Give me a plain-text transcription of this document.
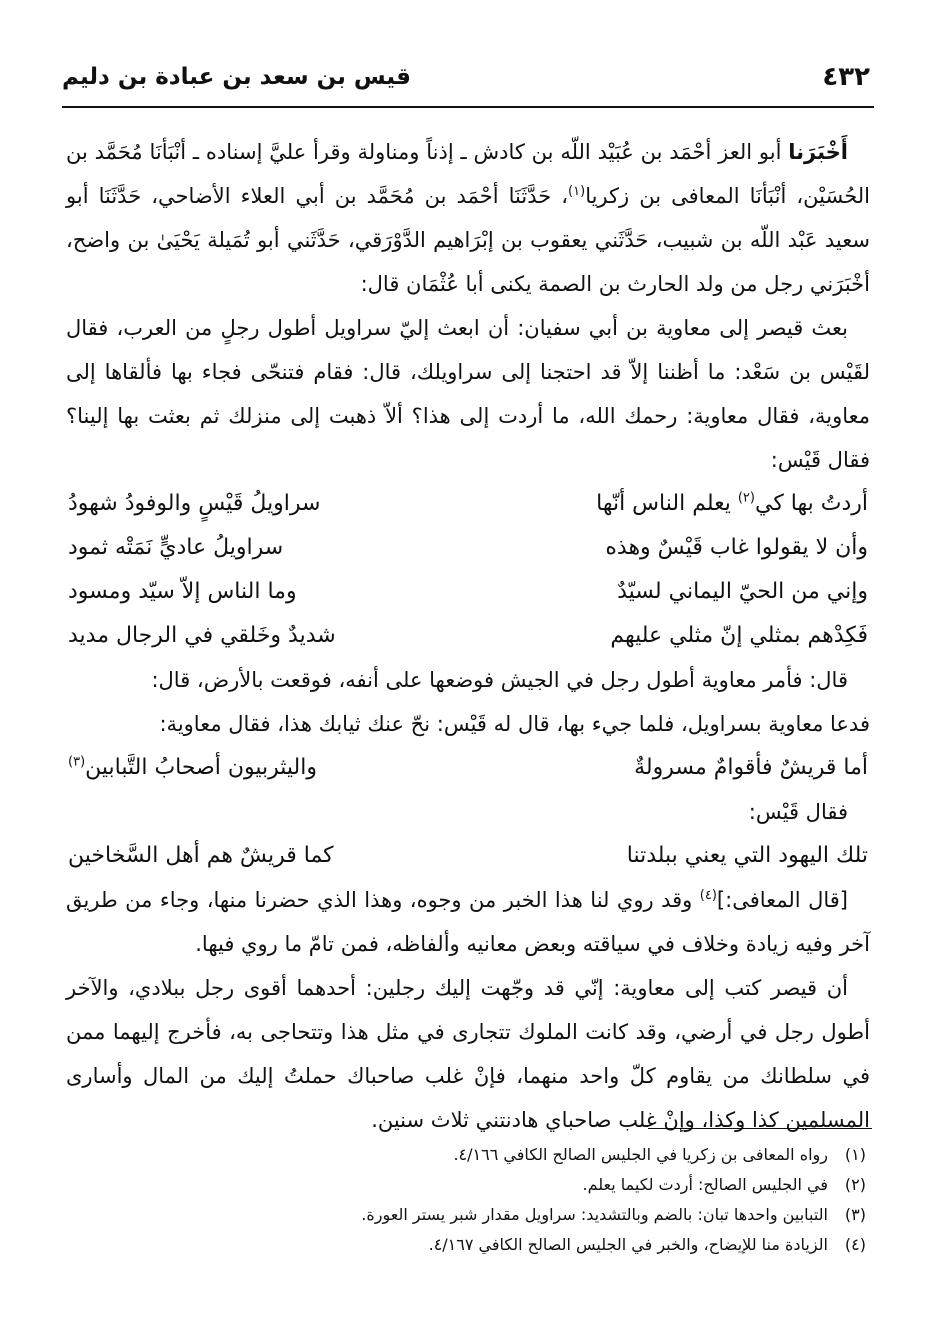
٤٣٢
قيس بن سعد بن عبادة بن دليم

أَخْبَرَنا أبو العز أحْمَد بن عُبَيْد اللّه بن كادش ـ إذناً ومناولة وقرأ عليَّ إسناده ـ أنْبَأنَا مُحَمَّد بن الحُسَيْن، أنْبَأنَا المعافى بن زكريا$^{(١)}$، حَدَّثَنَا أحْمَد بن مُحَمَّد بن أبي العلاء الأضاحي، حَدَّثَنَا أبو سعيد عَبْد اللّه بن شبيب، حَدَّثَني يعقوب بن إبْرَاهيم الدَّوْرَقي، حَدَّثَني أبو تُمَيلة يَحْيَىٰ بن واضح، أخْبَرَني رجل من ولد الحارث بن الصمة يكنى أبا عُثْمَان قال:

بعث قيصر إلى معاوية بن أبي سفيان: أن ابعث إليّ سراويل أطول رجلٍ من العرب، فقال لقَيْس بن سَعْد: ما أظننا إلاّ قد احتجنا إلى سراويلك، قال: فقام فتنحّى فجاء بها فألقاها إلى معاوية، فقال معاوية: رحمك الله، ما أردت إلى هذا؟ ألاّ ذهبت إلى منزلك ثم بعثت بها إلينا؟ فقال قَيْس:

أردتُ بها كي$^{(٢)}$ يعلم الناس أنّها
سراويلُ قَيْسٍ والوفودُ شهودُ
وأن لا يقولوا غاب قَيْسٌ وهذه
سراويلُ عاديٍّ نَمَتْه ثمود
وإني من الحيّ اليماني لسيّدٌ
وما الناس إلاّ سيّد ومسود
فَكِدْهم بمثلي إنّ مثلي عليهم
شديدٌ وخَلقي في الرجال مديد

قال: فأمر معاوية أطول رجل في الجيش فوضعها على أنفه، فوقعت بالأرض، قال:

فدعا معاوية بسراويل، فلما جيء بها، قال له قَيْس: نحّ عنك ثيابك هذا، فقال معاوية:

أما قريشٌ فأقوامٌ مسرولةٌ
واليثربيون أصحابُ التَّبابين$^{(٣)}$

فقال قَيْس:

تلك اليهود التي يعني ببلدتنا
كما قريشٌ هم أهل السَّخاخين

[قال المعافى:]$^{(٤)}$ وقد روي لنا هذا الخبر من وجوه، وهذا الذي حضرنا منها، وجاء من طريق آخر وفيه زيادة وخلاف في سياقته وبعض معانيه وألفاظه، فمن تامّ ما روي فيها.

أن قيصر كتب إلى معاوية: إنّي قد وجّهت إليك رجلين: أحدهما أقوى رجل ببلادي، والآخر أطول رجل في أرضي، وقد كانت الملوك تتجارى في مثل هذا وتتحاجى به، فأخرج إليهما ممن في سلطانك من يقاوم كلّ واحد منهما، فإنْ غلب صاحباك حملتُ إليك من المال وأسارى المسلمين كذا وكذا، وإنْ غلب صاحباي هادنتني ثلاث سنين.

(١)رواه المعافى بن زكريا في الجليس الصالح الكافي ٤/١٦٦.
(٢)في الجليس الصالح: أردت لكيما يعلم.
(٣)التبابين واحدها تبان: بالضم وبالتشديد: سراويل مقدار شبر يستر العورة.
(٤)الزيادة منا للإيضاح، والخبر في الجليس الصالح الكافي ٤/١٦٧.
